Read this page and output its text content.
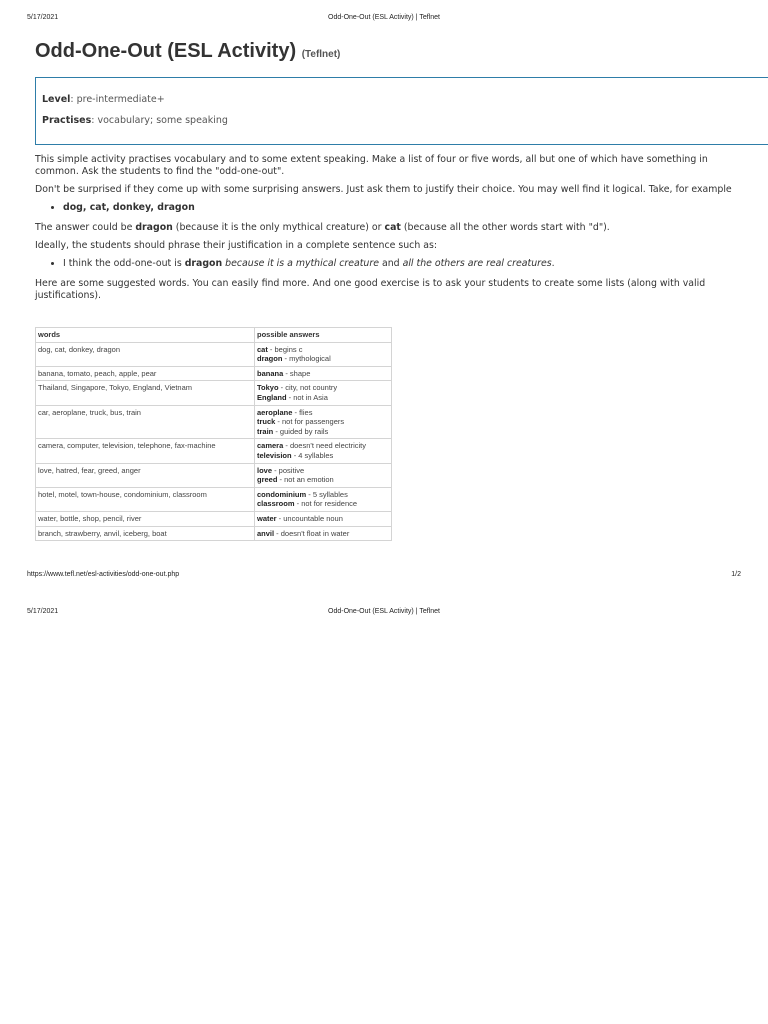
5/17/2021	Odd-One-Out (ESL Activity) | Teflnet
Odd-One-Out (ESL Activity) (Teflnet)
Level: pre-intermediate+
Practises: vocabulary; some speaking

This simple activity practises vocabulary and to some extent speaking. Make a list of four or five words, all but one of which have something in common. Ask the students to find the "odd-one-out".

Don't be surprised if they come up with some surprising answers. Just ask them to justify their choice. You may well find it logical. Take, for example

• dog, cat, donkey, dragon

The answer could be dragon (because it is the only mythical creature) or cat (because all the other words start with "d").

Ideally, the students should phrase their justification in a complete sentence such as:

• I think the odd-one-out is dragon because it is a mythical creature and all the others are real creatures.

Here are some suggested words. You can easily find more. And one good exercise is to ask your students to create some lists (along with valid justifications).

words	possible answers
dog, cat, donkey, dragon	cat - begins c
dragon - mythological

banana, tomato, peach, apple, pear	banana - shape

Thailand, Singapore, Tokyo, England, Vietnam	Tokyo - city, not country
England - not in Asia

car, aeroplane, truck, bus, train	aeroplane - flies
truck - not for passengers
train - guided by rails

camera, computer, television, telephone, fax-machine	camera - doesn't need electricity
television - 4 syllables

love, hatred, fear, greed, anger	love - positive
greed - not an emotion

hotel, motel, town-house, condominium, classroom	condominium - 5 syllables
classroom - not for residence

water, bottle, shop, pencil, river	water - uncountable noun

branch, strawberry, anvil, iceberg, boat	anvil - doesn't float in water
https://www.tefl.net/esl-activities/odd-one-out.php	1/2
5/17/2021	Odd-One-Out (ESL Activity) | Teflnet
